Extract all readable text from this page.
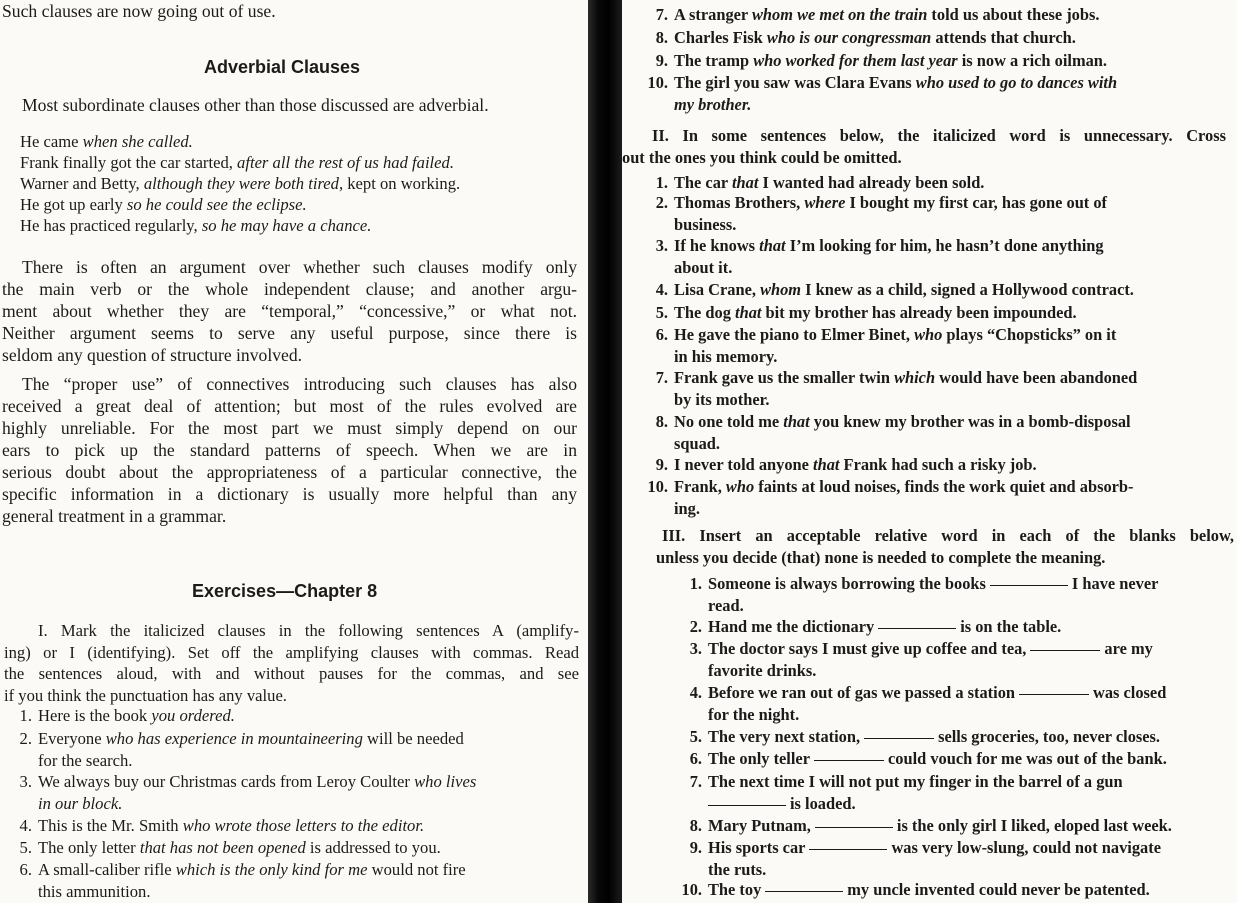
Such clauses are now going out of use.
Adverbial Clauses
Most subordinate clauses other than those discussed are adverbial.
He came when she called.
Frank finally got the car started, after all the rest of us had failed.
Warner and Betty, although they were both tired, kept on working.
He got up early so he could see the eclipse.
He has practiced regularly, so he may have a chance.
There is often an argument over whether such clauses modify only
the main verb or the whole independent clause; and another argu-
ment about whether they are “temporal,” “concessive,” or what not.
Neither argument seems to serve any useful purpose, since there is
seldom any question of structure involved.
The “proper use” of connectives introducing such clauses has also
received a great deal of attention; but most of the rules evolved are
highly unreliable. For the most part we must simply depend on our
ears to pick up the standard patterns of speech. When we are in
serious doubt about the appropriateness of a particular connective, the
specific information in a dictionary is usually more helpful than any
general treatment in a grammar.
Exercises—Chapter 8
I. Mark the italicized clauses in the following sentences A (amplify-
ing) or I (identifying). Set off the amplifying clauses with commas. Read
the sentences aloud, with and without pauses for the commas, and see
if you think the punctuation has any value.
1. Here is the book you ordered.
2. Everyone who has experience in mountaineering will be needed
for the search.
3. We always buy our Christmas cards from Leroy Coulter who lives
in our block.
4. This is the Mr. Smith who wrote those letters to the editor.
5. The only letter that has not been opened is addressed to you.
6. A small-caliber rifle which is the only kind for me would not fire
this ammunition.
7. A stranger whom we met on the train told us about these jobs.
8. Charles Fisk who is our congressman attends that church.
9. The tramp who worked for them last year is now a rich oilman.
10. The girl you saw was Clara Evans who used to go to dances with
my brother.
II. In some sentences below, the italicized word is unnecessary. Cross
out the ones you think could be omitted.
1. The car that I wanted had already been sold.
2. Thomas Brothers, where I bought my first car, has gone out of
business.
3. If he knows that I’m looking for him, he hasn’t done anything
about it.
4. Lisa Crane, whom I knew as a child, signed a Hollywood contract.
5. The dog that bit my brother has already been impounded.
6. He gave the piano to Elmer Binet, who plays “Chopsticks” on it
in his memory.
7. Frank gave us the smaller twin which would have been abandoned
by its mother.
8. No one told me that you knew my brother was in a bomb-disposal
squad.
9. I never told anyone that Frank had such a risky job.
10. Frank, who faints at loud noises, finds the work quiet and absorb-
ing.
III. Insert an acceptable relative word in each of the blanks below,
unless you decide (that) none is needed to complete the meaning.
1. Someone is always borrowing the books	I have never
read.
2. Hand me the dictionary	is on the table.
3. The doctor says I must give up coffee and tea,	are my
favorite drinks.
4. Before we ran out of gas we passed a station	was closed
for the night.
5. The very next station,	sells groceries, too, never closes.
6. The only teller	could vouch for me was out of the bank.
7. The next time I will not put my finger in the barrel of a gun
is loaded.
8. Mary Putnam,	is the only girl I liked, eloped last week.
9. His sports car	was very low-slung, could not navigate
the ruts.
10. The toy	my uncle invented could never be patented.
